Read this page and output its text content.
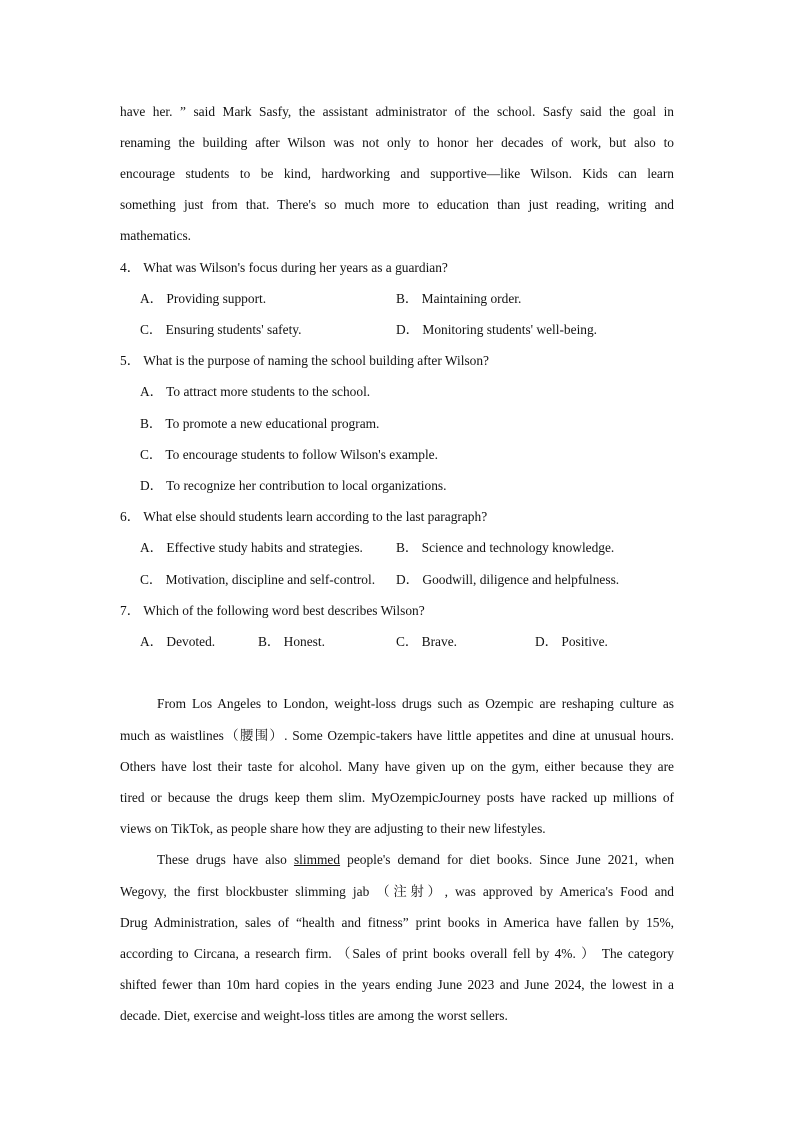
have her. ” said Mark Sasfy, the assistant administrator of the school. Sasfy said the goal in
renaming the building after Wilson was not only to honor her decades of work, but also to
encourage students to be kind, hardworking and supportive—like Wilson. Kids can learn
something just from that. There's so much more to education than just reading, writing and
mathematics.
4． What was Wilson's focus during her years as a guardian?
A． Providing support.	B． Maintaining order.
C． Ensuring students' safety.	D． Monitoring students' well-being.
5． What is the purpose of naming the school building after Wilson?
A． To attract more students to the school.
B． To promote a new educational program.
C． To encourage students to follow Wilson's example.
D． To recognize her contribution to local organizations.
6． What else should students learn according to the last paragraph?
A． Effective study habits and strategies.	B． Science and technology knowledge.
C． Motivation, discipline and self-control.	D． Goodwill, diligence and helpfulness.
7． Which of the following word best describes Wilson?
A． Devoted.	B． Honest.	C． Brave.	D． Positive.
From Los Angeles to London, weight-loss drugs such as Ozempic are reshaping culture as
much as waistlines（腰围）. Some Ozempic-takers have little appetites and dine at unusual hours.
Others have lost their taste for alcohol. Many have given up on the gym, either because they are
tired or because the drugs keep them slim. MyOzempicJourney posts have racked up millions of
views on TikTok, as people share how they are adjusting to their new lifestyles.
These drugs have also slimmed people's demand for diet books. Since June 2021, when
Wegovy, the first blockbuster slimming jab （注射）, was approved by America's Food and
Drug Administration, sales of “health and fitness” print books in America have fallen by 15%,
according to Circana, a research firm. （Sales of print books overall fell by 4%. ） The category
shifted fewer than 10m hard copies in the years ending June 2023 and June 2024, the lowest in a
decade. Diet, exercise and weight-loss titles are among the worst sellers.
